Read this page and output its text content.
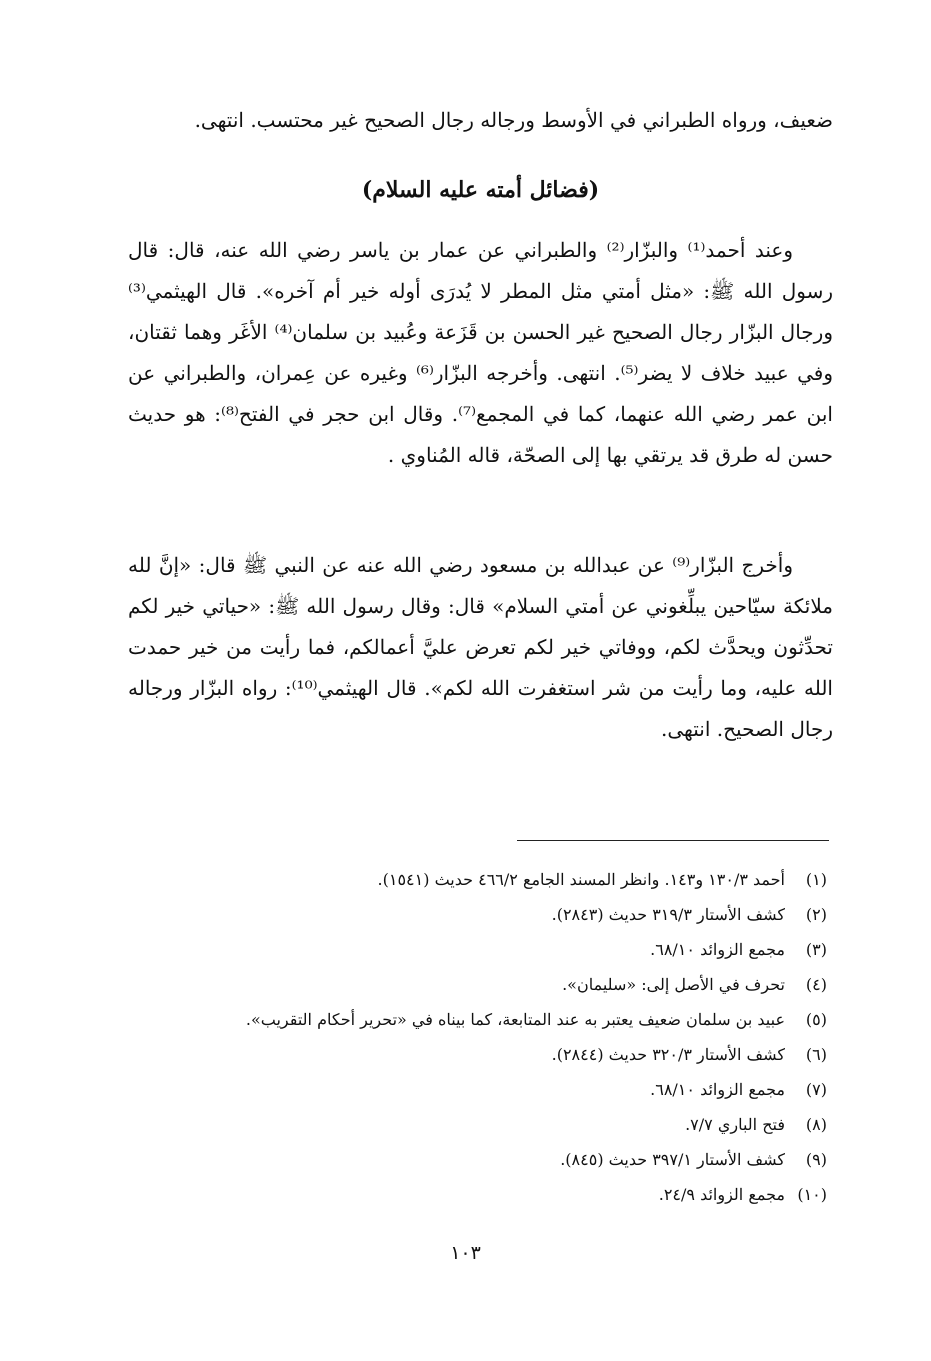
ضعيف، ورواه الطبراني في الأوسط ورجاله رجال الصحيح غير محتسب. انتهى.

(فضائل أمته عليه السلام)

وعند أحمد⁽¹⁾ والبزّار⁽²⁾ والطبراني عن عمار بن ياسر رضي الله عنه، قال: قال رسول الله ﷺ: «مثل أمتي مثل المطر لا يُدرَى أوله خير أم آخره». قال الهيثمي⁽³⁾ ورجال البزّار رجال الصحيح غير الحسن بن قَزَعة وعُبيد بن سلمان⁽⁴⁾ الأغَر وهما ثقتان، وفي عبيد خلاف لا يضر⁽⁵⁾. انتهى. وأخرجه البزّار⁽⁶⁾ وغيره عن عِمران، والطبراني عن ابن عمر رضي الله عنهما، كما في المجمع⁽⁷⁾. وقال ابن حجر في الفتح⁽⁸⁾: هو حديث حسن له طرق قد يرتقي بها إلى الصحّة، قاله المُناوي .

وأخرج البزّار⁽⁹⁾ عن عبدالله بن مسعود رضي الله عنه عن النبي ﷺ قال: «إنَّ لله ملائكة سيّاحين يبلِّغوني عن أمتي السلام» قال: وقال رسول الله ﷺ: «حياتي خير لكم تحدِّثون ويحدَّث لكم، ووفاتي خير لكم تعرض عليَّ أعمالكم، فما رأيت من خير حمدت الله عليه، وما رأيت من شر استغفرت الله لكم». قال الهيثمي⁽¹⁰⁾: رواه البزّار ورجاله رجال الصحيح. انتهى.

(١)أحمد ١٣٠/٣ و١٤٣. وانظر المسند الجامع ٤٦٦/٢ حديث (١٥٤١).
(٢)كشف الأستار ٣١٩/٣ حديث (٢٨٤٣).
(٣)مجمع الزوائد ٦٨/١٠.
(٤)تحرف في الأصل إلى: «سليمان».
(٥)عبيد بن سلمان ضعيف يعتبر به عند المتابعة، كما بيناه في «تحرير أحكام التقريب».
(٦)كشف الأستار ٣٢٠/٣ حديث (٢٨٤٤).
(٧)مجمع الزوائد ٦٨/١٠.
(٨)فتح الباري ٧/٧.
(٩)كشف الأستار ٣٩٧/١ حديث (٨٤٥).
(١٠)مجمع الزوائد ٢٤/٩.
١٠٣
